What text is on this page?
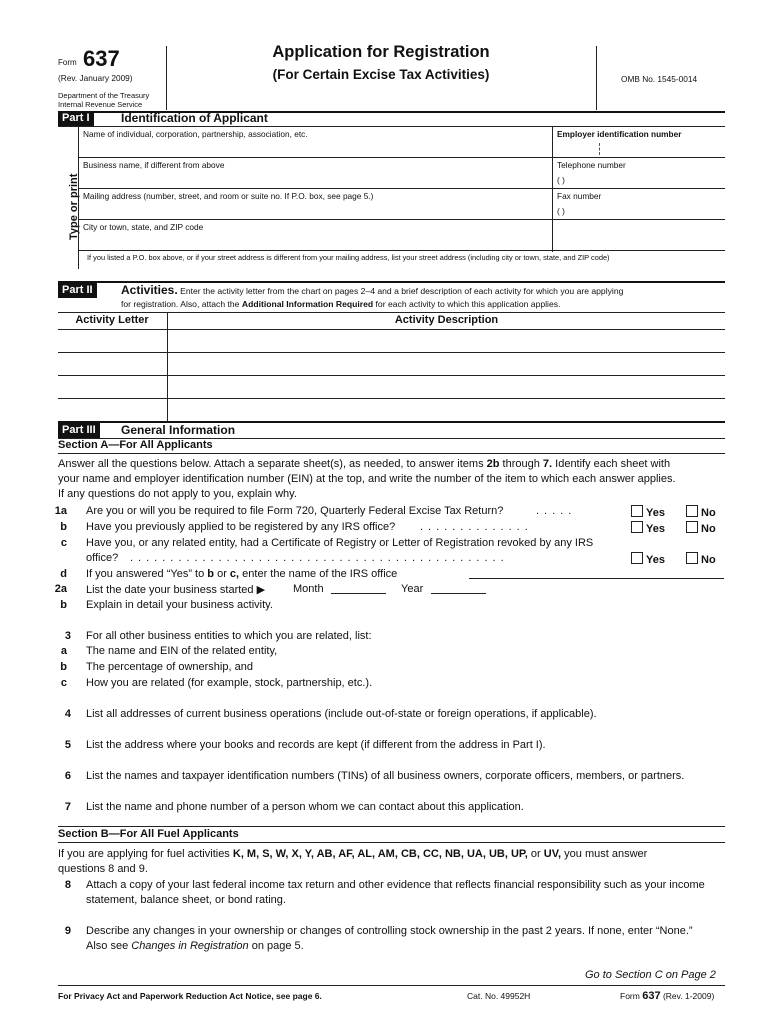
Form 637
(Rev. January 2009)
Department of the Treasury
Internal Revenue Service
Application for Registration
(For Certain Excise Tax Activities)	OMB No. 1545-0014
Part I	Identification of Applicant
Type or print
Name of individual, corporation, partnership, association, etc.	Employer identification number
Business name, if different from above	Telephone number
( )
Mailing address (number, street, and room or suite no. If P.O. box, see page 5.)	Fax number
( )
City or town, state, and ZIP code
If you listed a P.O. box above, or if your street address is different from your mailing address, list your street address (including city or town, state, and ZIP code)
Part II	Activities. Enter the activity letter from the chart on pages 2–4 and a brief description of each activity for which you are applying
for registration. Also, attach the Additional Information Required for each activity to which this application applies.
Activity Letter	Activity Description
Part III	General Information
Section A—For All Applicants
Answer all the questions below. Attach a separate sheet(s), as needed, to answer items 2b through 7. Identify each sheet with
your name and employer identification number (EIN) at the top, and write the number of the item to which each answer applies.
If any questions do not apply to you, explain why.
1a Are you or will you be required to file Form 720, Quarterly Federal Excise Tax Return?	.....	Yes	No
b Have you previously applied to be registered by any IRS office? ..............	Yes	No
c Have you, or any related entity, had a Certificate of Registry or Letter of Registration revoked by any IRS
office? ...............................................	Yes	No
d If you answered “Yes” to b or c, enter the name of the IRS office
2a List the date your business started ▶	Month	Year
b Explain in detail your business activity.
3 For all other business entities to which you are related, list:
a The name and EIN of the related entity,
b The percentage of ownership, and
c How you are related (for example, stock, partnership, etc.).
4 List all addresses of current business operations (include out-of-state or foreign operations, if applicable).
5 List the address where your books and records are kept (if different from the address in Part I).
6 List the names and taxpayer identification numbers (TINs) of all business owners, corporate officers, members, or partners.
7 List the name and phone number of a person whom we can contact about this application.
Section B—For All Fuel Applicants
If you are applying for fuel activities K, M, S, W, X, Y, AB, AF, AL, AM, CB, CC, NB, UA, UB, UP, or UV, you must answer
questions 8 and 9.
8 Attach a copy of your last federal income tax return and other evidence that reflects financial responsibility such as your income
statement, balance sheet, or bond rating.
9 Describe any changes in your ownership or changes of controlling stock ownership in the past 2 years. If none, enter “None.”
Also see Changes in Registration on page 5.
Go to Section C on Page 2
For Privacy Act and Paperwork Reduction Act Notice, see page 6.	Cat. No. 49952H	Form 637 (Rev. 1-2009)
